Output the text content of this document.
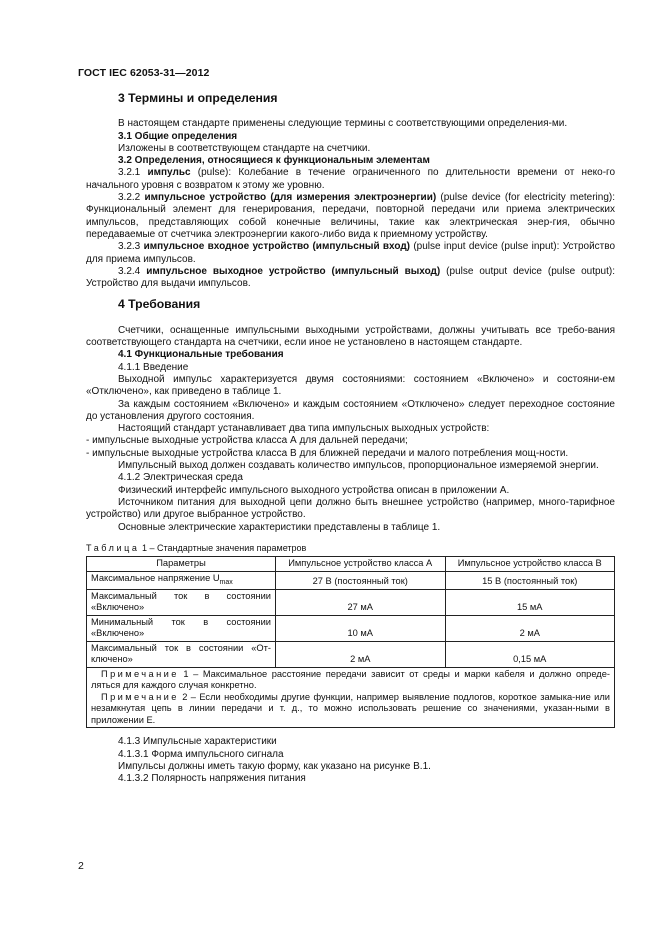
ГОСТ IEC 62053-31—2012
3 Термины и определения

В настоящем стандарте применены следующие термины с соответствующими определения-ми.

3.1 Общие определения

Изложены в соответствующем стандарте на счетчики.

3.2 Определения, относящиеся к функциональным элементам

3.2.1 импульс (pulse): Колебание в течение ограниченного по длительности времени от неко-го начального уровня с возвратом к этому же уровню.

3.2.2 импульсное устройство (для измерения электроэнергии) (pulse device (for electricity metering): Функциональный элемент для генерирования, передачи, повторной передачи или приема электрических импульсов, представляющих собой конечные величины, такие как электрическая энер-гия, обычно передаваемые от счетчика электроэнергии какого-либо вида к приемному устройству.

3.2.3 импульсное входное устройство (импульсный вход) (pulse input device (pulse input): Устройство для приема импульсов.

3.2.4 импульсное выходное устройство (импульсный выход) (pulse output device (pulse output): Устройство для выдачи импульсов.

4 Требования

Счетчики, оснащенные импульсными выходными устройствами, должны учитывать все требо-вания соответствующего стандарта на счетчики, если иное не установлено в настоящем стандарте.

4.1 Функциональные требования

4.1.1 Введение

Выходной импульс характеризуется двумя состояниями: состоянием «Включено» и состояни-ем «Отключено», как приведено в таблице 1.

За каждым состоянием «Включено» и каждым состоянием «Отключено» следует переходное состояние до установления другого состояния.

Настоящий стандарт устанавливает два типа импульсных выходных устройств:

- импульсные выходные устройства класса А для дальней передачи;

- импульсные выходные устройства класса В для ближней передачи и малого потребления мощ-ности.

Импульсный выход должен создавать количество импульсов, пропорциональное измеряемой энергии.

4.1.2 Электрическая среда

Физический интерфейс импульсного выходного устройства описан в приложении А.

Источником питания для выходной цепи должно быть внешнее устройство (например, много-тарифное устройство) или другое выбранное устройство.

Основные электрические характеристики представлены в таблице 1.

Таблица 1 – Стандартные значения параметров

Параметры	Импульсное устройство класса А	Импульсное устройство класса В
Максимальное напряжение $U_{max}$	27 В (постоянный ток)	15 В (постоянный ток)
Максимальный ток в состоянии «Включено»	27 мА	15 мА
Минимальный ток в состоянии «Включено»	10 мА	2 мА
Максимальный ток в состоянии «От-ключено»	2 мА	0,15 мА

Примечание 1 – Максимальное расстояние передачи зависит от среды и марки кабеля и должно опреде-ляться для каждого случая конкретно.

Примечание 2 – Если необходимы другие функции, например выявление подлогов, короткое замыка-ние или незамкнутая цепь в линии передачи и т. д., то можно использовать решение со значениями, указан-ными в приложении Е.		

4.1.3 Импульсные характеристики

4.1.3.1 Форма импульсного сигнала

Импульсы должны иметь такую форму, как указано на рисунке В.1.

4.1.3.2 Полярность напряжения питания

2
